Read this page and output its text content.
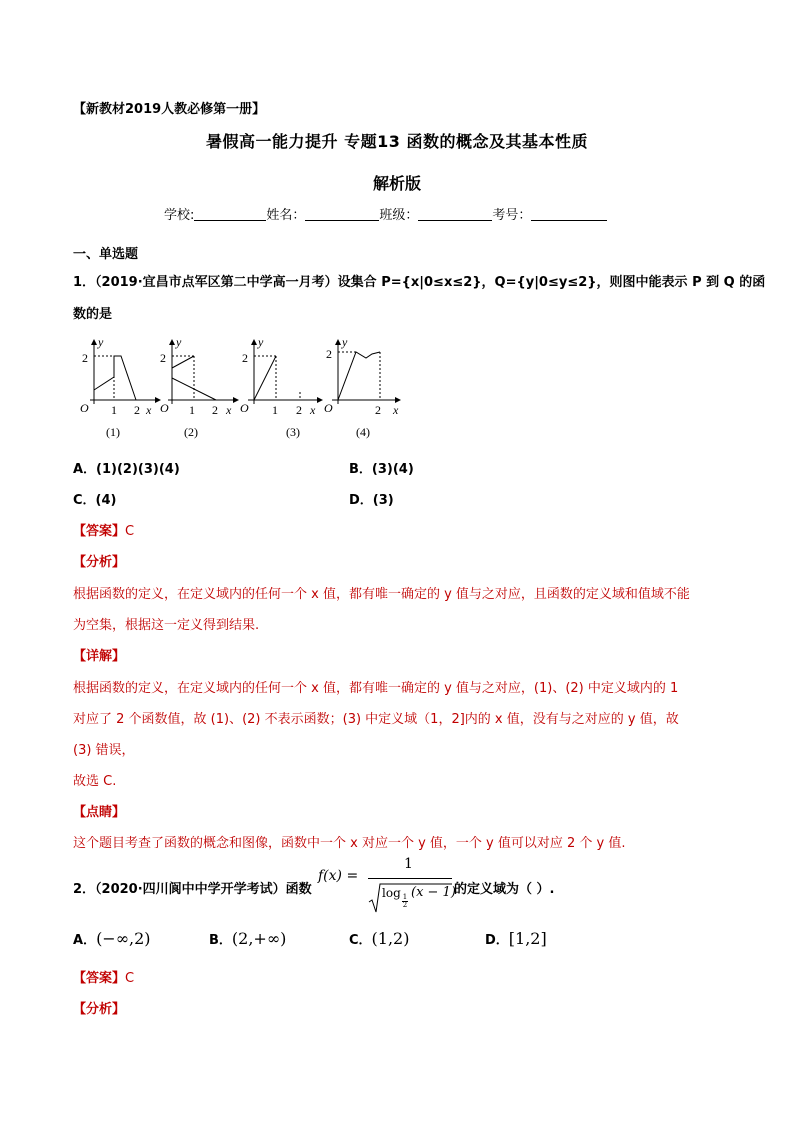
【新教材2019人教必修第一册】
暑假高一能力提升 专题13 函数的概念及其基本性质
解析版
学校:	姓名：	班级：	考号：
一、单选题
1．（2019·宜昌市点军区第二中学高一月考）设集合 P={x|0≤x≤2}，Q={y|0≤y≤2}，则图中能表示 P 到 Q 的函
数的是
y
O
2
1 2 x
(1)
y
O
2
1 2 x
(2)
y
O
2
1 2 x
(3)
y
O
2
2 x
(4)
A．(1)(2)(3)(4)	B．(3)(4)
C．(4)	D．(3)
【答案】C
【分析】
根据函数的定义，在定义域内的任何一个 x 值，都有唯一确定的 y 值与之对应，且函数的定义域和值域不能
为空集，根据这一定义得到结果.
【详解】
根据函数的定义，在定义域内的任何一个 x 值，都有唯一确定的 y 值与之对应，(1)、(2) 中定义域内的 1
对应了 2 个函数值，故 (1)、(2) 不表示函数；(3) 中定义域（1，2]内的 x 值，没有与之对应的 y 值，故
(3) 错误，
故选 C.
【点睛】
这个题目考查了函数的概念和图像，函数中一个 x 对应一个 y 值，一个 y 值可以对应 2 个 y 值.
2．（2020·四川阆中中学开学考试）函数
f(x) =
1
log
$\frac{1}{2}$
(x − 1)
的定义域为（ ）.
A．(−∞,2)	B．(2,+∞)	C．(1,2)	D．[1,2]
【答案】C
【分析】
